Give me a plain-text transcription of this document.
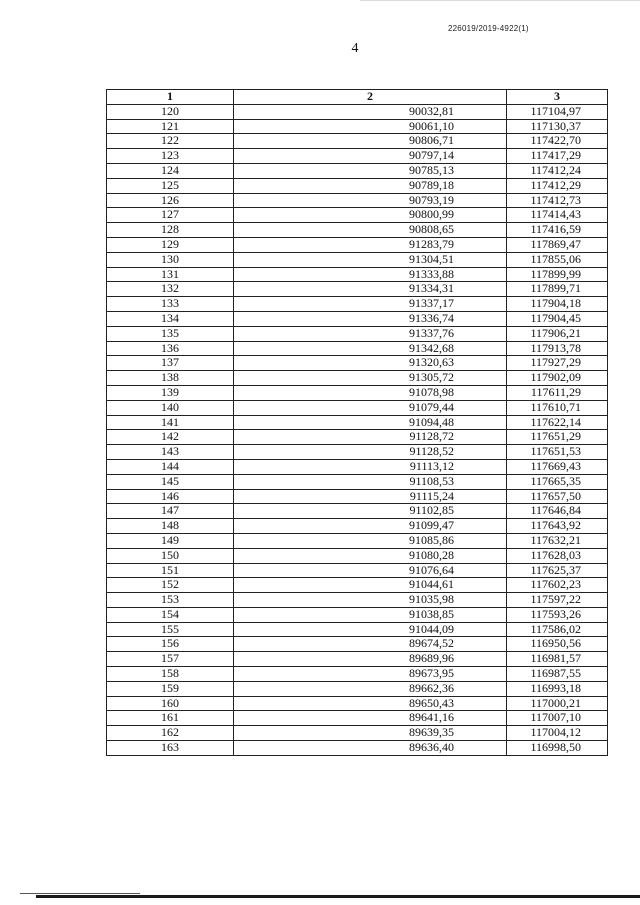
226019/2019-4922(1)
4
1	2	3
120	90032,81	117104,97
121	90061,10	117130,37
122	90806,71	117422,70
123	90797,14	117417,29
124	90785,13	117412,24
125	90789,18	117412,29
126	90793,19	117412,73
127	90800,99	117414,43
128	90808,65	117416,59
129	91283,79	117869,47
130	91304,51	117855,06
131	91333,88	117899,99
132	91334,31	117899,71
133	91337,17	117904,18
134	91336,74	117904,45
135	91337,76	117906,21
136	91342,68	117913,78
137	91320,63	117927,29
138	91305,72	117902,09
139	91078,98	117611,29
140	91079,44	117610,71
141	91094,48	117622,14
142	91128,72	117651,29
143	91128,52	117651,53
144	91113,12	117669,43
145	91108,53	117665,35
146	91115,24	117657,50
147	91102,85	117646,84
148	91099,47	117643,92
149	91085,86	117632,21
150	91080,28	117628,03
151	91076,64	117625,37
152	91044,61	117602,23
153	91035,98	117597,22
154	91038,85	117593,26
155	91044,09	117586,02
156	89674,52	116950,56
157	89689,96	116981,57
158	89673,95	116987,55
159	89662,36	116993,18
160	89650,43	117000,21
161	89641,16	117007,10
162	89639,35	117004,12
163	89636,40	116998,50
